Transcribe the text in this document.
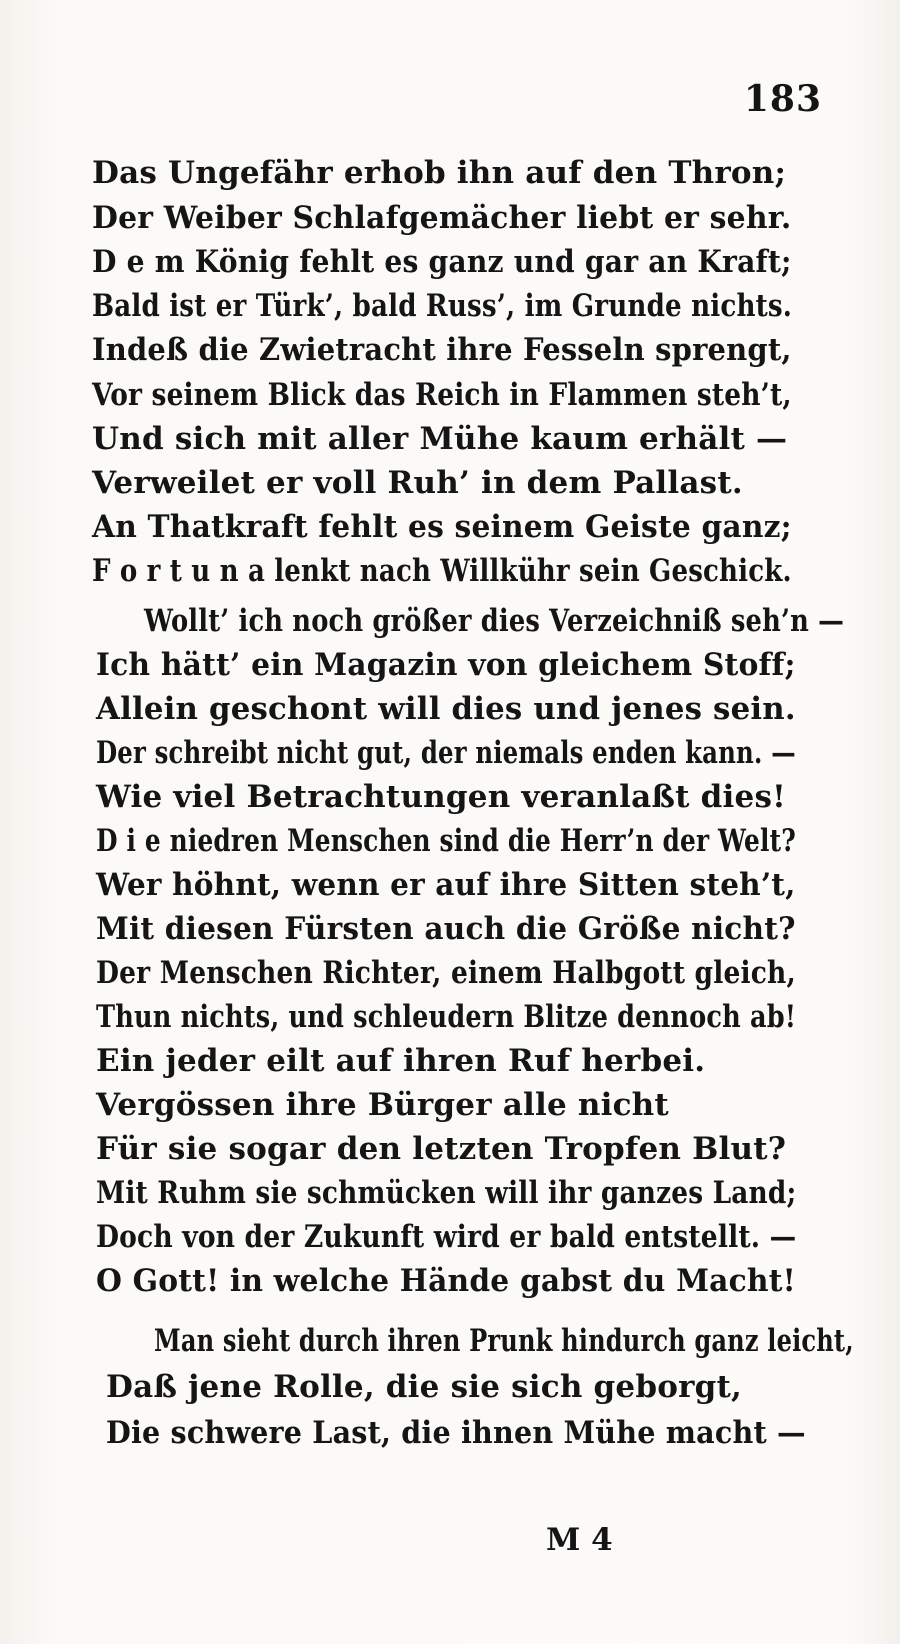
183
Das Ungefähr erhob ihn auf den Thron;
Der Weiber Schlafgemächer liebt er sehr.
D e m König fehlt es ganz und gar an Kraft;
Bald ist er Türk’, bald Russ’, im Grunde nichts.
Indeß die Zwietracht ihre Fesseln sprengt,
Vor seinem Blick das Reich in Flammen steh’t,
Und sich mit aller Mühe kaum erhält —
Verweilet er voll Ruh’ in dem Pallast.
An Thatkraft fehlt es seinem Geiste ganz;
F o r t u n a lenkt nach Willkühr sein Geschick.
Wollt’ ich noch größer dies Verzeichniß seh’n —
Ich hätt’ ein Magazin von gleichem Stoff;
Allein geschont will dies und jenes sein.
Der schreibt nicht gut, der niemals enden kann. —
Wie viel Betrachtungen veranlaßt dies!
D i e niedren Menschen sind die Herr’n der Welt?
Wer höhnt, wenn er auf ihre Sitten steh’t,
Mit diesen Fürsten auch die Größe nicht?
Der Menschen Richter, einem Halbgott gleich,
Thun nichts, und schleudern Blitze dennoch ab!
Ein jeder eilt auf ihren Ruf herbei.
Vergössen ihre Bürger alle nicht
Für sie sogar den letzten Tropfen Blut?
Mit Ruhm sie schmücken will ihr ganzes Land;
Doch von der Zukunft wird er bald entstellt. —
O Gott! in welche Hände gabst du Macht!
Man sieht durch ihren Prunk hindurch ganz leicht,
Daß jene Rolle, die sie sich geborgt,
Die schwere Last, die ihnen Mühe macht —
M 4
